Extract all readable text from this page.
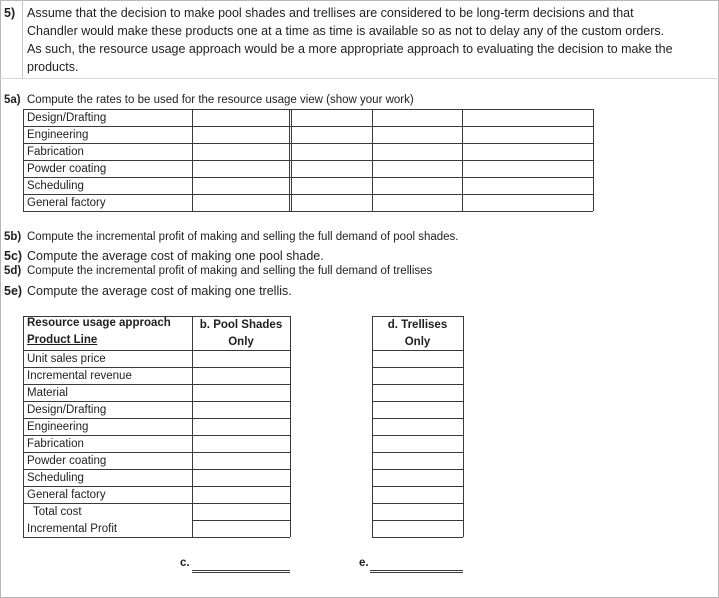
5) Assume that the decision to make pool shades and trellises are considered to be long-term decisions and that
Chandler would make these products one at a time as time is available so as not to delay any of the custom orders.
As such, the resource usage approach would be a more appropriate approach to evaluating the decision to make the
products.
5a) Compute the rates to be used for the resource usage view (show your work)
Design/Drafting
Engineering
Fabrication
Powder coating
Scheduling
General factory
5b) Compute the incremental profit of making and selling the full demand of pool shades.
5c) Compute the average cost of making one pool shade.
5d) Compute the incremental profit of making and selling the full demand of trellises
5e) Compute the average cost of making one trellis.
Resource usage approach
Product Line
b. Pool Shades
Only
d. Trellises
Only
Unit sales price
Incremental revenue
Material
Design/Drafting
Engineering
Fabrication
Powder coating
Scheduling
General factory
Total cost
Incremental Profit
c.	e.
